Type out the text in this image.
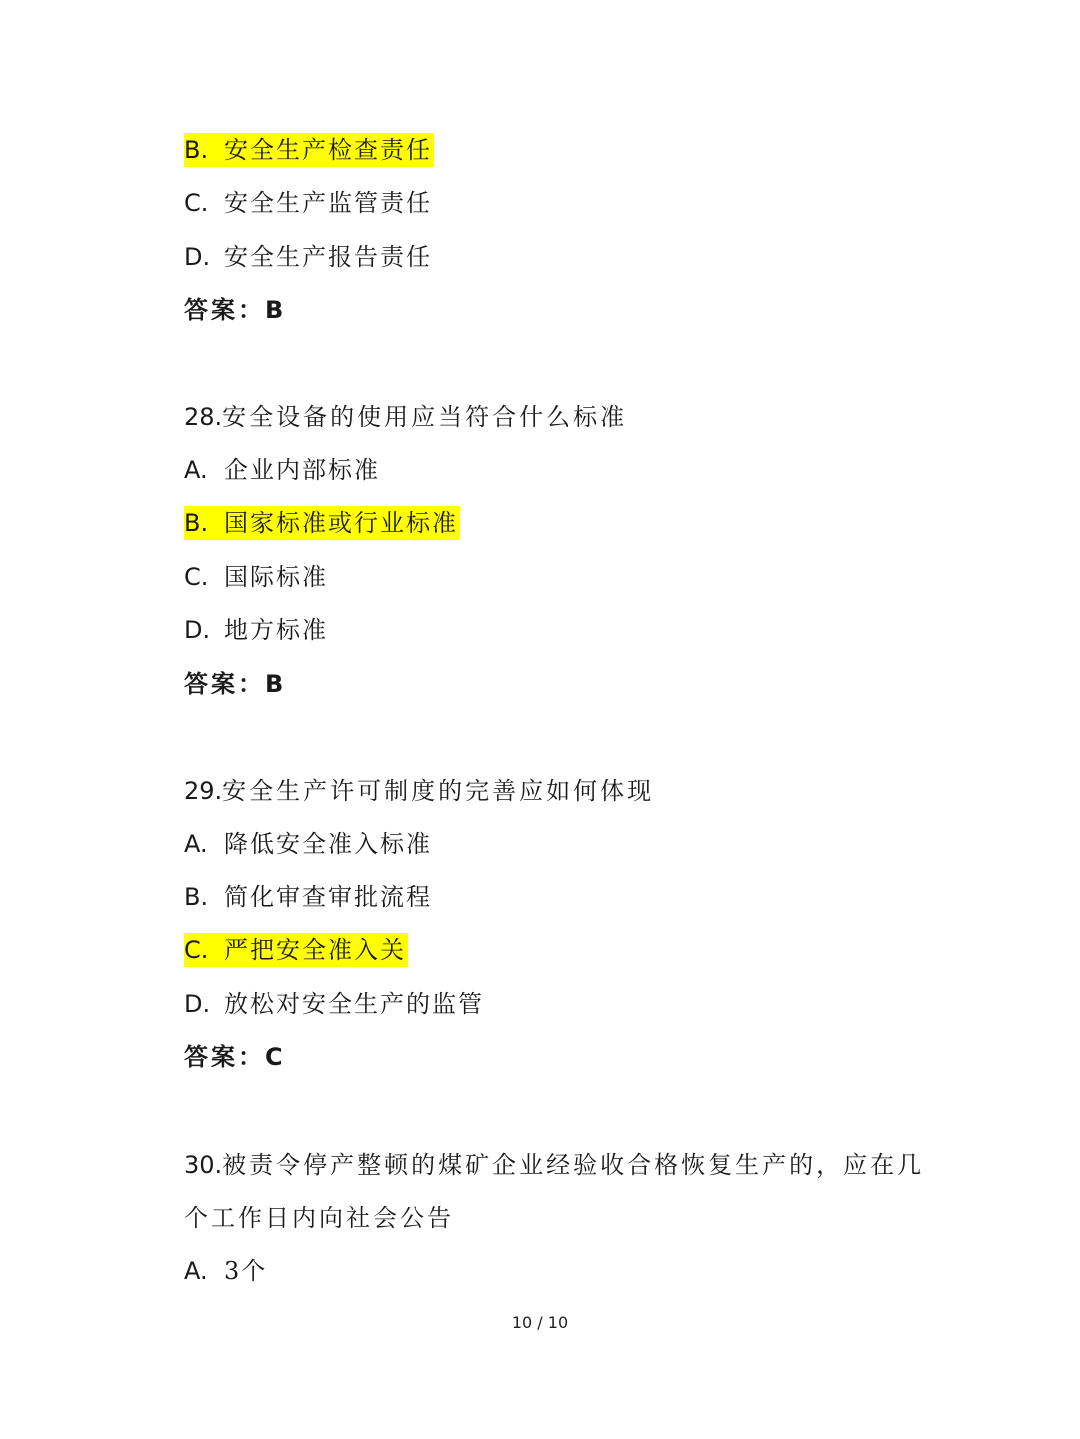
B. 安全生产检查责任
C. 安全生产监管责任
D. 安全生产报告责任
答案：B
28.安全设备的使用应当符合什么标准
A. 企业内部标准
B. 国家标准或行业标准
C. 国际标准
D. 地方标准
答案：B
29.安全生产许可制度的完善应如何体现
A. 降低安全准入标准
B. 简化审查审批流程
C. 严把安全准入关
D. 放松对安全生产的监管
答案：C
30.被责令停产整顿的煤矿企业经验收合格恢复生产的，应在几
个工作日内向社会公告
A. 3个
10 / 10
